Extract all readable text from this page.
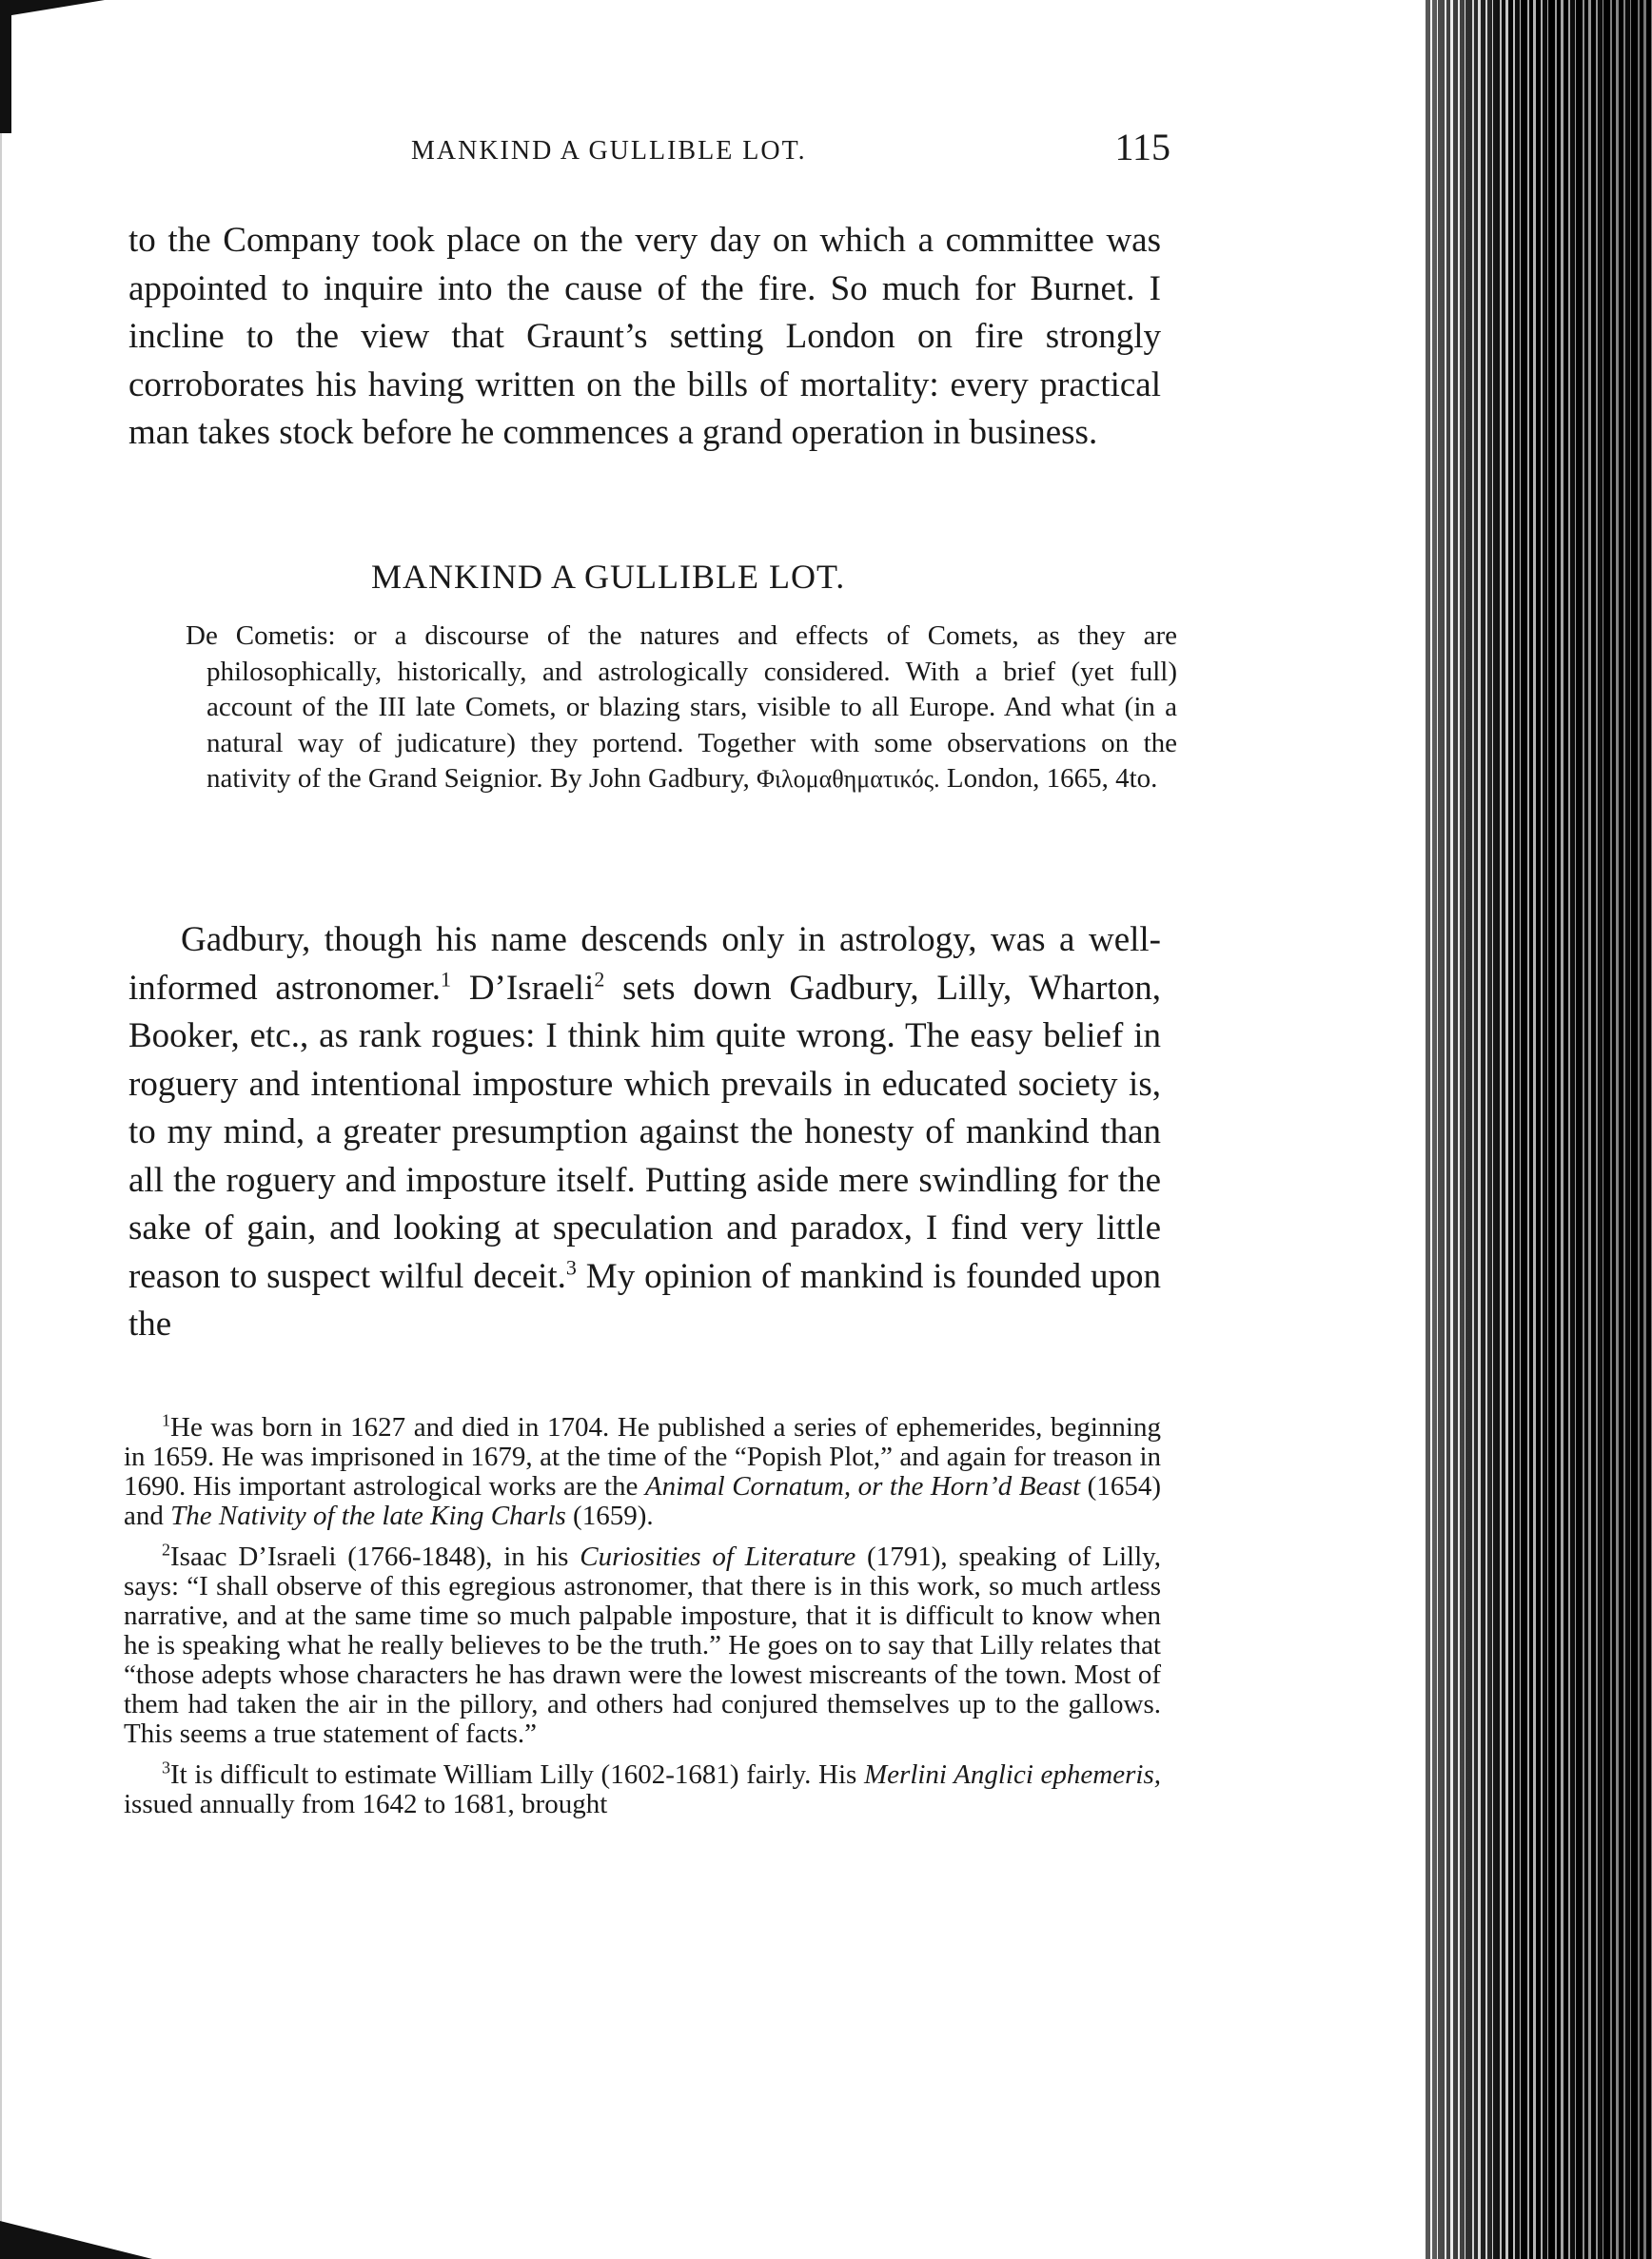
MANKIND A GULLIBLE LOT.	115
to the Company took place on the very day on which a committee was appointed to inquire into the cause of the fire. So much for Burnet. I incline to the view that Graunt’s setting London on fire strongly corroborates his having written on the bills of mortality: every practical man takes stock before he commences a grand operation in business.
MANKIND A GULLIBLE LOT.
De Cometis: or a discourse of the natures and effects of Comets, as they are philosophically, historically, and astrologically considered. With a brief (yet full) account of the III late Comets, or blazing stars, visible to all Europe. And what (in a natural way of judicature) they portend. Together with some observations on the nativity of the Grand Seignior. By John Gadbury, Φιλομαθηματικός. London, 1665, 4to.
Gadbury, though his name descends only in astrology, was a well-informed astronomer.$^1$ D’Israeli$^2$ sets down Gadbury, Lilly, Wharton, Booker, etc., as rank rogues: I think him quite wrong. The easy belief in roguery and intentional imposture which prevails in educated society is, to my mind, a greater presumption against the honesty of mankind than all the roguery and imposture itself. Putting aside mere swindling for the sake of gain, and looking at speculation and paradox, I find very little reason to suspect wilful deceit.$^3$ My opinion of mankind is founded upon the

$^1$He was born in 1627 and died in 1704. He published a series of ephemerides, beginning in 1659. He was imprisoned in 1679, at the time of the “Popish Plot,” and again for treason in 1690. His important astrological works are the Animal Cornatum, or the Horn’d Beast (1654) and The Nativity of the late King Charls (1659).

$^2$Isaac D’Israeli (1766-1848), in his Curiosities of Literature (1791), speaking of Lilly, says: “I shall observe of this egregious astronomer, that there is in this work, so much artless narrative, and at the same time so much palpable imposture, that it is difficult to know when he is speaking what he really believes to be the truth.” He goes on to say that Lilly relates that “those adepts whose characters he has drawn were the lowest miscreants of the town. Most of them had taken the air in the pillory, and others had conjured themselves up to the gallows. This seems a true statement of facts.”

$^3$It is difficult to estimate William Lilly (1602-1681) fairly. His Merlini Anglici ephemeris, issued annually from 1642 to 1681, brought
